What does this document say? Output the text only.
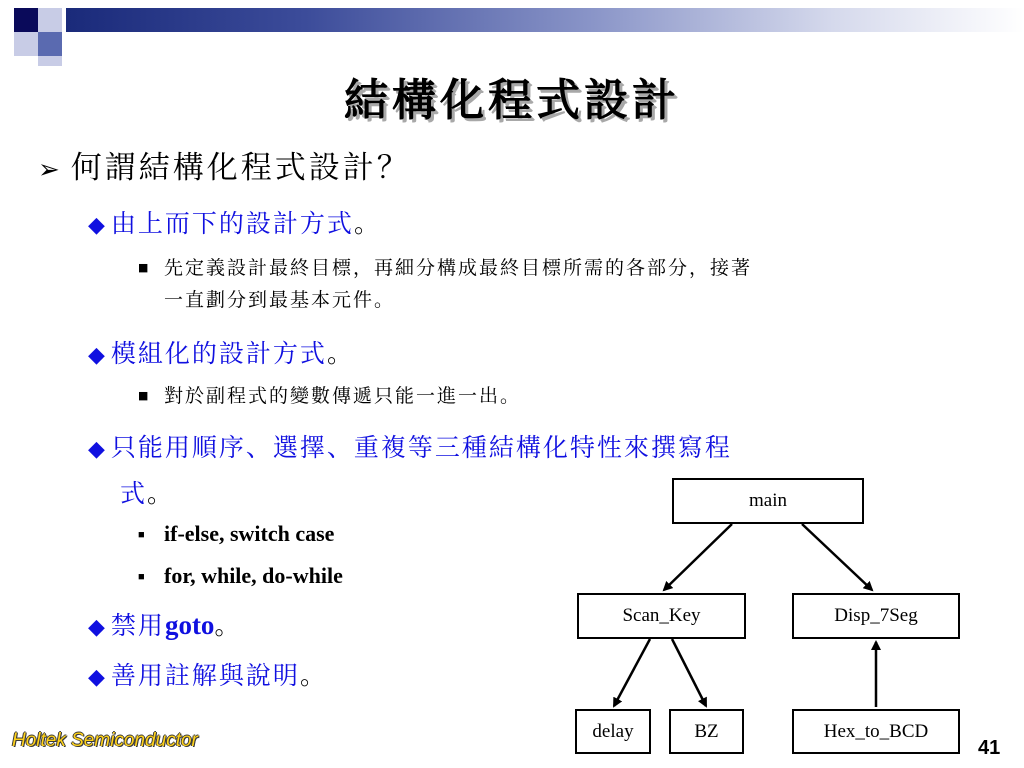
結構化程式設計
➢ 何謂結構化程式設計？
◆ 由上而下的設計方式。
■ 先定義設計最終目標，再細分構成最終目標所需的各部分，接著
一直劃分到最基本元件。
◆ 模組化的設計方式。
■ 對於副程式的變數傳遞只能一進一出。
◆ 只能用順序、選擇、重複等三種結構化特性來撰寫程
式。
■ if-else, switch case
■ for, while, do-while
◆ 禁用goto。
◆ 善用註解與說明。
main
Scan_Key	Disp_7Seg
delay	BZ	Hex_to_BCD
Holtek Semiconductor	41
